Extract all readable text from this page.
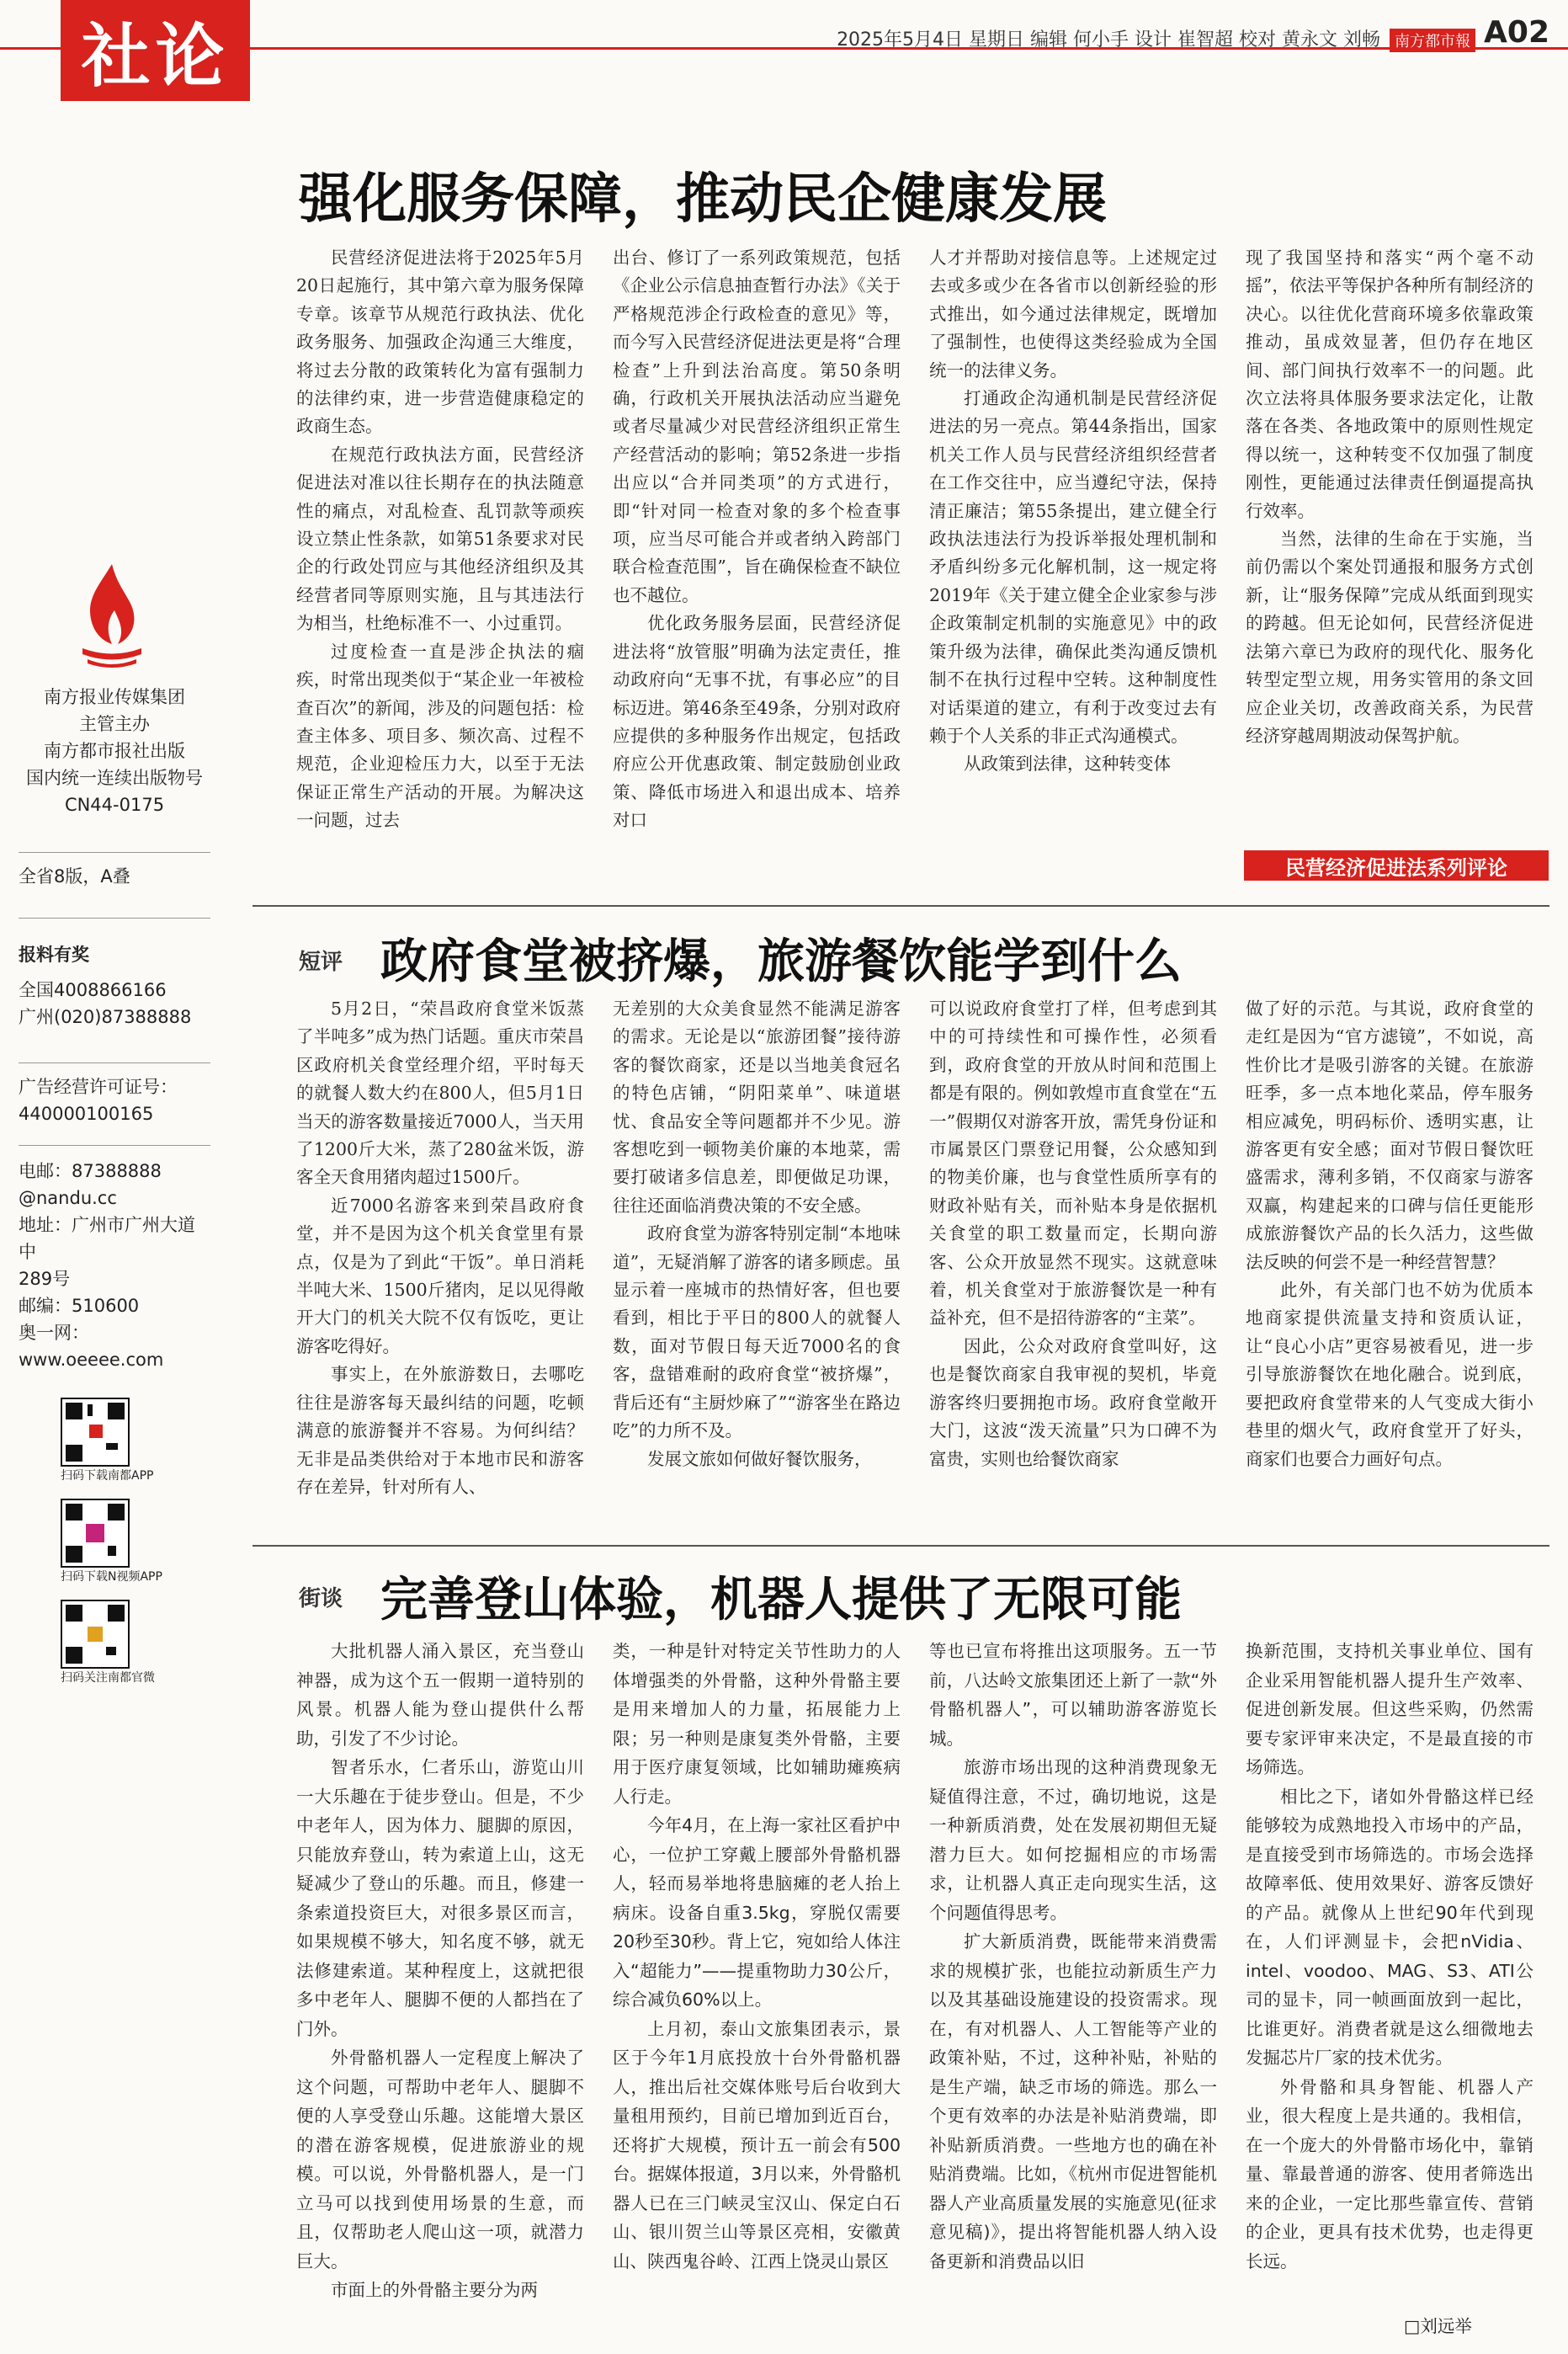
社论	2025年5月4日 星期日 编辑 何小手 设计 崔智超 校对 黄永文 刘畅 南方都市報 A02
南方报业传媒集团
主管主办
南方都市报社出版
国内统一连续出版物号
CN44-0175
全省8版，A叠
报料有奖
全国4008866166
广州(020)87388888
广告经营许可证号：
440000100165
电邮：87388888
@nandu.cc
地址：广州市广州大道中
289号
邮编：510600
奥一网：
www.oeeee.com
扫码下载南都APP
扫码下载N视频APP
扫码关注南都官微
强化服务保障，推动民企健康发展

民营经济促进法将于2025年5月20日起施行，其中第六章为服务保障专章。该章节从规范行政执法、优化政务服务、加强政企沟通三大维度，将过去分散的政策转化为富有强制力的法律约束，进一步营造健康稳定的政商生态。

在规范行政执法方面，民营经济促进法对准以往长期存在的执法随意性的痛点，对乱检查、乱罚款等顽疾设立禁止性条款，如第51条要求对民企的行政处罚应与其他经济组织及其经营者同等原则实施，且与其违法行为相当，杜绝标准不一、小过重罚。

过度检查一直是涉企执法的痼疾，时常出现类似于“某企业一年被检查百次”的新闻，涉及的问题包括：检查主体多、项目多、频次高、过程不规范，企业迎检压力大，以至于无法保证正常生产活动的开展。为解决这一问题，过去

出台、修订了一系列政策规范，包括《企业公示信息抽查暂行办法》《关于严格规范涉企行政检查的意见》等，而今写入民营经济促进法更是将“合理检查”上升到法治高度。第50条明确，行政机关开展执法活动应当避免或者尽量减少对民营经济组织正常生产经营活动的影响；第52条进一步指出应以“合并同类项”的方式进行，即“针对同一检查对象的多个检查事项，应当尽可能合并或者纳入跨部门联合检查范围”，旨在确保检查不缺位也不越位。

优化政务服务层面，民营经济促进法将“放管服”明确为法定责任，推动政府向“无事不扰，有事必应”的目标迈进。第46条至49条，分别对政府应提供的多种服务作出规定，包括政府应公开优惠政策、制定鼓励创业政策、降低市场进入和退出成本、培养对口

人才并帮助对接信息等。上述规定过去或多或少在各省市以创新经验的形式推出，如今通过法律规定，既增加了强制性，也使得这类经验成为全国统一的法律义务。

打通政企沟通机制是民营经济促进法的另一亮点。第44条指出，国家机关工作人员与民营经济组织经营者在工作交往中，应当遵纪守法，保持清正廉洁；第55条提出，建立健全行政执法违法行为投诉举报处理机制和矛盾纠纷多元化解机制，这一规定将2019年《关于建立健全企业家参与涉企政策制定机制的实施意见》中的政策升级为法律，确保此类沟通反馈机制不在执行过程中空转。这种制度性对话渠道的建立，有利于改变过去有赖于个人关系的非正式沟通模式。

从政策到法律，这种转变体

现了我国坚持和落实“两个毫不动摇”，依法平等保护各种所有制经济的决心。以往优化营商环境多依靠政策推动，虽成效显著，但仍存在地区间、部门间执行效率不一的问题。此次立法将具体服务要求法定化，让散落在各类、各地政策中的原则性规定得以统一，这种转变不仅加强了制度刚性，更能通过法律责任倒逼提高执行效率。

当然，法律的生命在于实施，当前仍需以个案处罚通报和服务方式创新，让“服务保障”完成从纸面到现实的跨越。但无论如何，民营经济促进法第六章已为政府的现代化、服务化转型定型立规，用务实管用的条文回应企业关切，改善政商关系，为民营经济穿越周期波动保驾护航。

民营经济促进法系列评论
短评 政府食堂被挤爆，旅游餐饮能学到什么

5月2日，“荣昌政府食堂米饭蒸了半吨多”成为热门话题。重庆市荣昌区政府机关食堂经理介绍，平时每天的就餐人数大约在800人，但5月1日当天的游客数量接近7000人，当天用了1200斤大米，蒸了280盆米饭，游客全天食用猪肉超过1500斤。

近7000名游客来到荣昌政府食堂，并不是因为这个机关食堂里有景点，仅是为了到此“干饭”。单日消耗半吨大米、1500斤猪肉，足以见得敞开大门的机关大院不仅有饭吃，更让游客吃得好。

事实上，在外旅游数日，去哪吃往往是游客每天最纠结的问题，吃顿满意的旅游餐并不容易。为何纠结？无非是品类供给对于本地市民和游客存在差异，针对所有人、

无差别的大众美食显然不能满足游客的需求。无论是以“旅游团餐”接待游客的餐饮商家，还是以当地美食冠名的特色店铺，“阴阳菜单”、味道堪忧、食品安全等问题都并不少见。游客想吃到一顿物美价廉的本地菜，需要打破诸多信息差，即便做足功课，往往还面临消费决策的不安全感。

政府食堂为游客特别定制“本地味道”，无疑消解了游客的诸多顾虑。虽显示着一座城市的热情好客，但也要看到，相比于平日的800人的就餐人数，面对节假日每天近7000名的食客，盘错难耐的政府食堂“被挤爆”，背后还有“主厨炒麻了”“游客坐在路边吃”的力所不及。

发展文旅如何做好餐饮服务，

可以说政府食堂打了样，但考虑到其中的可持续性和可操作性，必须看到，政府食堂的开放从时间和范围上都是有限的。例如敦煌市直食堂在“五一”假期仅对游客开放，需凭身份证和市属景区门票登记用餐，公众感知到的物美价廉，也与食堂性质所享有的财政补贴有关，而补贴本身是依据机关食堂的职工数量而定，长期向游客、公众开放显然不现实。这就意味着，机关食堂对于旅游餐饮是一种有益补充，但不是招待游客的“主菜”。

因此，公众对政府食堂叫好，这也是餐饮商家自我审视的契机，毕竟游客终归要拥抱市场。政府食堂敞开大门，这波“泼天流量”只为口碑不为富贵，实则也给餐饮商家

做了好的示范。与其说，政府食堂的走红是因为“官方滤镜”，不如说，高性价比才是吸引游客的关键。在旅游旺季，多一点本地化菜品，停车服务相应减免，明码标价、透明实惠，让游客更有安全感；面对节假日餐饮旺盛需求，薄利多销，不仅商家与游客双赢，构建起来的口碑与信任更能形成旅游餐饮产品的长久活力，这些做法反映的何尝不是一种经营智慧？

此外，有关部门也不妨为优质本地商家提供流量支持和资质认证，让“良心小店”更容易被看见，进一步引导旅游餐饮在地化融合。说到底，要把政府食堂带来的人气变成大街小巷里的烟火气，政府食堂开了好头，商家们也要合力画好句点。

街谈 完善登山体验，机器人提供了无限可能

大批机器人涌入景区，充当登山神器，成为这个五一假期一道特别的风景。机器人能为登山提供什么帮助，引发了不少讨论。

智者乐水，仁者乐山，游览山川一大乐趣在于徒步登山。但是，不少中老年人，因为体力、腿脚的原因，只能放弃登山，转为索道上山，这无疑减少了登山的乐趣。而且，修建一条索道投资巨大，对很多景区而言，如果规模不够大，知名度不够，就无法修建索道。某种程度上，这就把很多中老年人、腿脚不便的人都挡在了门外。

外骨骼机器人一定程度上解决了这个问题，可帮助中老年人、腿脚不便的人享受登山乐趣。这能增大景区的潜在游客规模，促进旅游业的规模。可以说，外骨骼机器人，是一门立马可以找到使用场景的生意，而且，仅帮助老人爬山这一项，就潜力巨大。

市面上的外骨骼主要分为两

类，一种是针对特定关节性助力的人体增强类的外骨骼，这种外骨骼主要是用来增加人的力量，拓展能力上限；另一种则是康复类外骨骼，主要用于医疗康复领域，比如辅助瘫痪病人行走。

今年4月，在上海一家社区看护中心，一位护工穿戴上腰部外骨骼机器人，轻而易举地将患脑瘫的老人抬上病床。设备自重3.5kg，穿脱仅需要20秒至30秒。背上它，宛如给人体注入“超能力”——提重物助力30公斤，综合减负60%以上。

上月初，泰山文旅集团表示，景区于今年1月底投放十台外骨骼机器人，推出后社交媒体账号后台收到大量租用预约，目前已增加到近百台，还将扩大规模，预计五一前会有500台。据媒体报道，3月以来，外骨骼机器人已在三门峡灵宝汉山、保定白石山、银川贺兰山等景区亮相，安徽黄山、陕西鬼谷岭、江西上饶灵山景区

等也已宣布将推出这项服务。五一节前，八达岭文旅集团还上新了一款“外骨骼机器人”，可以辅助游客游览长城。

旅游市场出现的这种消费现象无疑值得注意，不过，确切地说，这是一种新质消费，处在发展初期但无疑潜力巨大。如何挖掘相应的市场需求，让机器人真正走向现实生活，这个问题值得思考。

扩大新质消费，既能带来消费需求的规模扩张，也能拉动新质生产力以及其基础设施建设的投资需求。现在，有对机器人、人工智能等产业的政策补贴，不过，这种补贴，补贴的是生产端，缺乏市场的筛选。那么一个更有效率的办法是补贴消费端，即补贴新质消费。一些地方也的确在补贴消费端。比如，《杭州市促进智能机器人产业高质量发展的实施意见(征求意见稿)》，提出将智能机器人纳入设备更新和消费品以旧

换新范围，支持机关事业单位、国有企业采用智能机器人提升生产效率、促进创新发展。但这些采购，仍然需要专家评审来决定，不是最直接的市场筛选。

相比之下，诸如外骨骼这样已经能够较为成熟地投入市场中的产品，是直接受到市场筛选的。市场会选择故障率低、使用效果好、游客反馈好的产品。就像从上世纪90年代到现在，人们评测显卡，会把nVidia、intel、voodoo、MAG、S3、ATI公司的显卡，同一帧画面放到一起比，比谁更好。消费者就是这么细微地去发掘芯片厂家的技术优劣。

外骨骼和具身智能、机器人产业，很大程度上是共通的。我相信，在一个庞大的外骨骼市场化中，靠销量、靠最普通的游客、使用者筛选出来的企业，一定比那些靠宣传、营销的企业，更具有技术优势，也走得更长远。

□刘远举
